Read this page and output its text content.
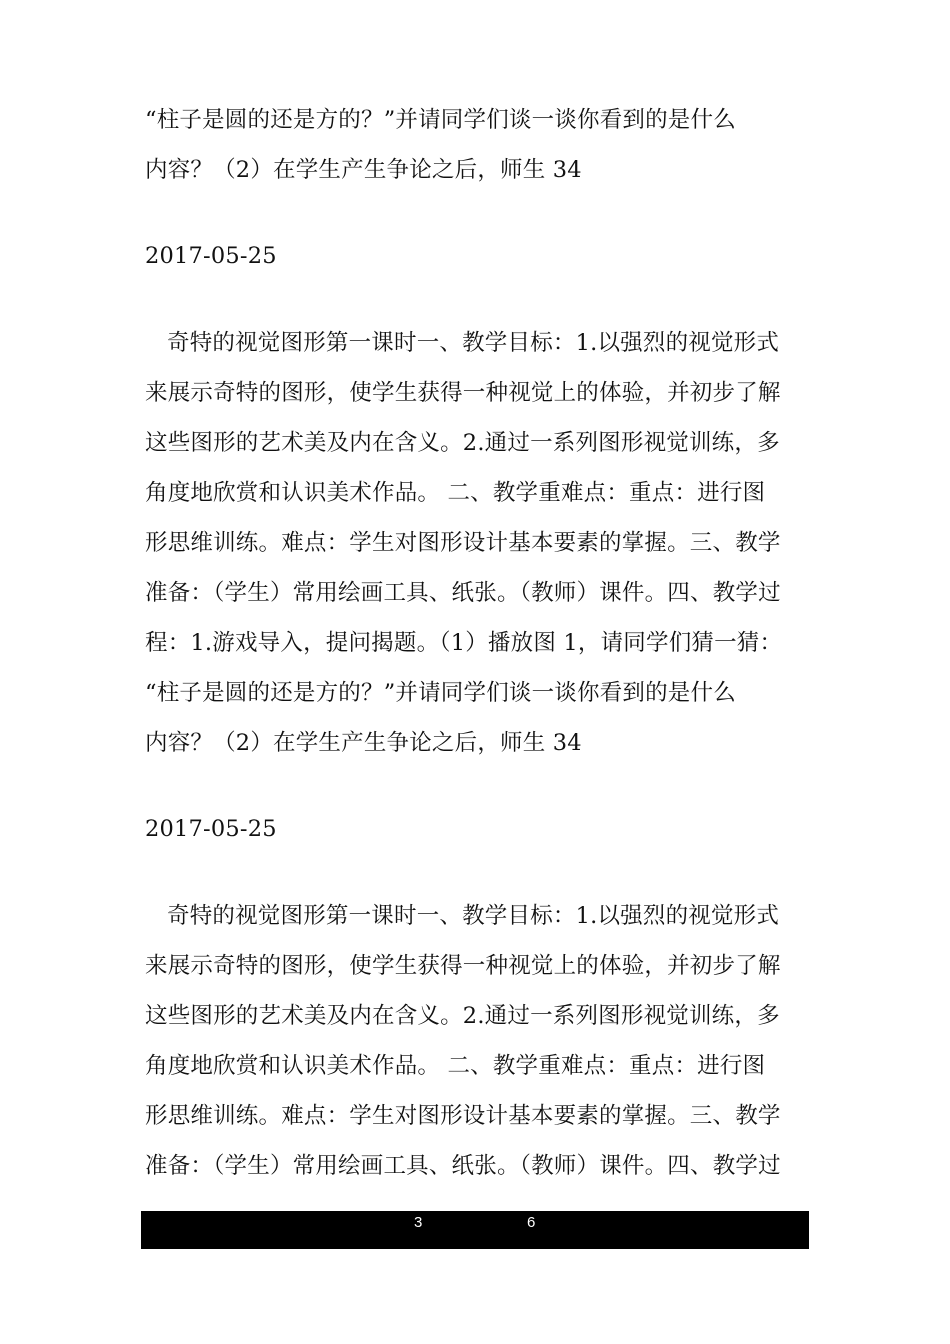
“柱子是圆的还是方的？”并请同学们谈一谈你看到的是什么
内容？（2）在学生产生争论之后，师生 34
2017-05-25
奇特的视觉图形第一课时一、教学目标：1.以强烈的视觉形式
来展示奇特的图形，使学生获得一种视觉上的体验，并初步了解
这些图形的艺术美及内在含义。2.通过一系列图形视觉训练，多
角度地欣赏和认识美术作品。 二、教学重难点：重点：进行图
形思维训练。难点：学生对图形设计基本要素的掌握。三、教学
准备：（学生）常用绘画工具、纸张。（教师）课件。四、教学过
程：1.游戏导入，提问揭题。（1）播放图 1，请同学们猜一猜：
“柱子是圆的还是方的？”并请同学们谈一谈你看到的是什么
内容？（2）在学生产生争论之后，师生 34
2017-05-25
奇特的视觉图形第一课时一、教学目标：1.以强烈的视觉形式
来展示奇特的图形，使学生获得一种视觉上的体验，并初步了解
这些图形的艺术美及内在含义。2.通过一系列图形视觉训练，多
角度地欣赏和认识美术作品。 二、教学重难点：重点：进行图
形思维训练。难点：学生对图形设计基本要素的掌握。三、教学
准备：（学生）常用绘画工具、纸张。（教师）课件。四、教学过
3	6
